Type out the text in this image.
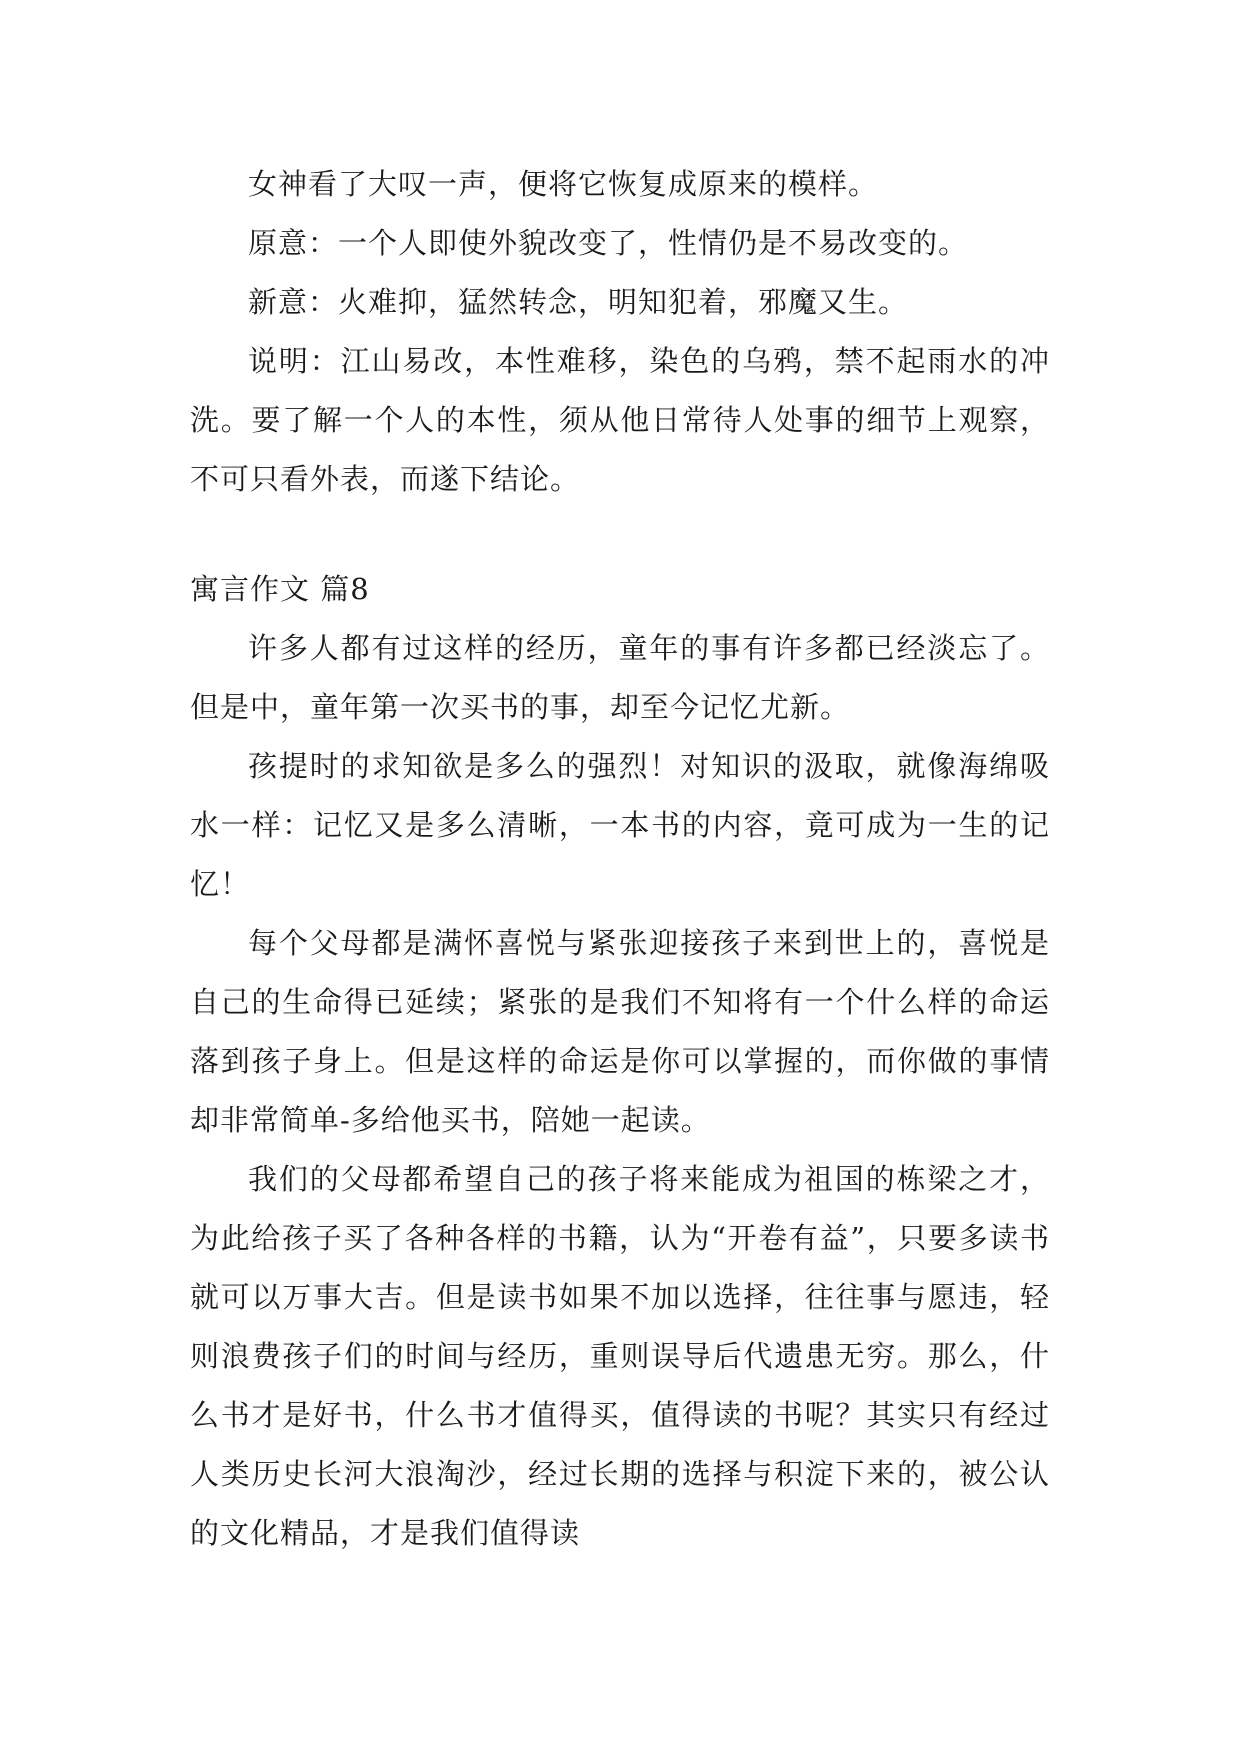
女神看了大叹一声，便将它恢复成原来的模样。

原意：一个人即使外貌改变了，性情仍是不易改变的。

新意：火难抑，猛然转念，明知犯着，邪魔又生。

说明：江山易改，本性难移，染色的乌鸦，禁不起雨水的冲洗。要了解一个人的本性，须从他日常待人处事的细节上观察，不可只看外表，而遂下结论。

寓言作文 篇8

许多人都有过这样的经历，童年的事有许多都已经淡忘了。但是中，童年第一次买书的事，却至今记忆尤新。

孩提时的求知欲是多么的强烈！对知识的汲取，就像海绵吸水一样：记忆又是多么清晰，一本书的内容，竟可成为一生的记忆！

每个父母都是满怀喜悦与紧张迎接孩子来到世上的，喜悦是自己的生命得已延续；紧张的是我们不知将有一个什么样的命运落到孩子身上。但是这样的命运是你可以掌握的，而你做的事情却非常简单-多给他买书，陪她一起读。

我们的父母都希望自己的孩子将来能成为祖国的栋梁之才，为此给孩子买了各种各样的书籍，认为“开卷有益”，只要多读书就可以万事大吉。但是读书如果不加以选择，往往事与愿违，轻则浪费孩子们的时间与经历，重则误导后代遗患无穷。那么，什么书才是好书，什么书才值得买，值得读的书呢？其实只有经过人类历史长河大浪淘沙，经过长期的选择与积淀下来的，被公认的文化精品，才是我们值得读
